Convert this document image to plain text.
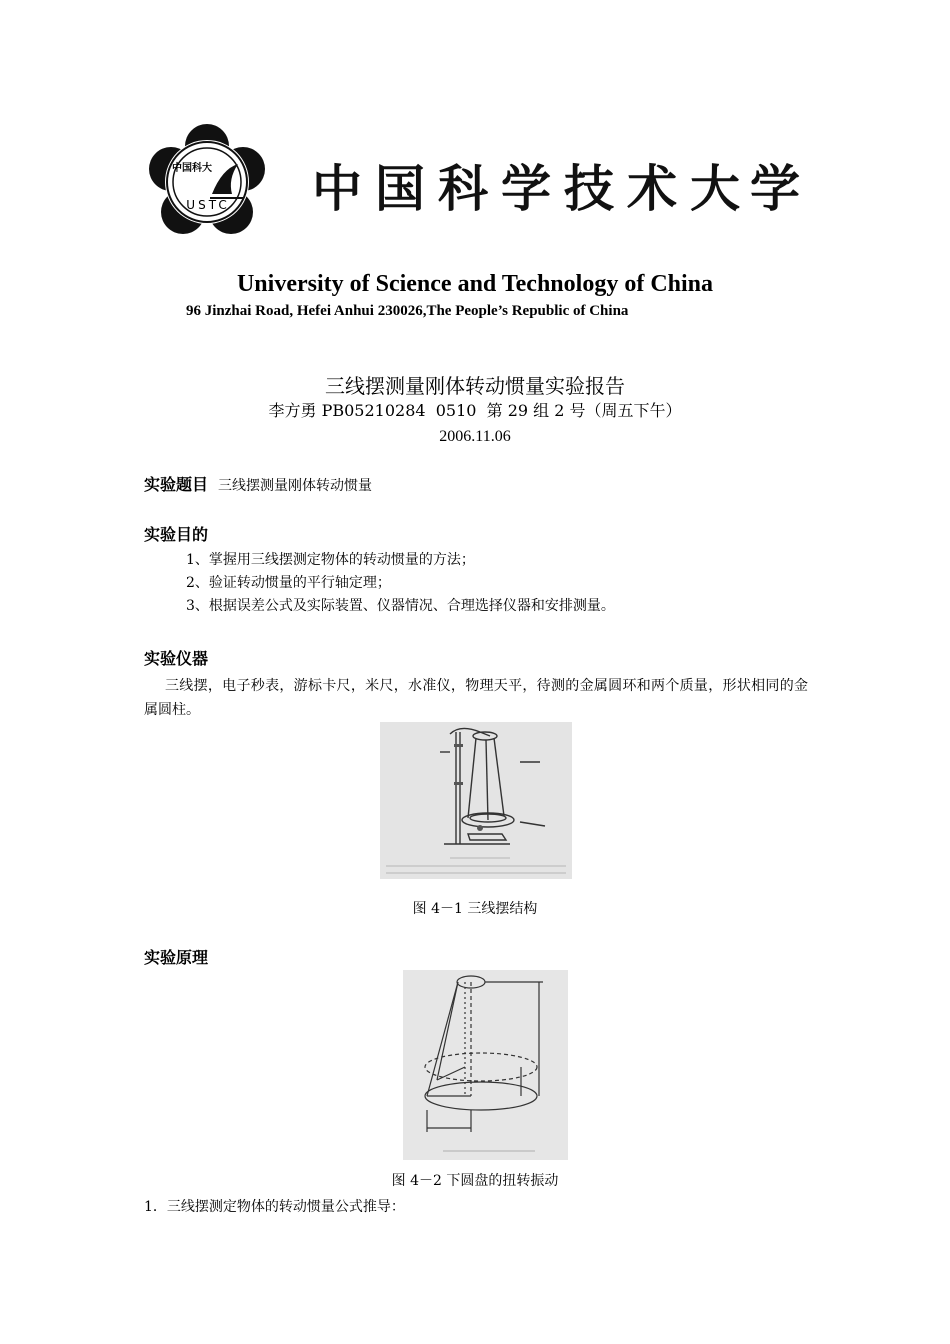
中国科大
USTC 中 国 科 学 技 术 大 学
University of Science and Technology of China
96 Jinzhai Road, Hefei Anhui 230026,The People’s Republic of China
三线摆测量刚体转动惯量实验报告
李方勇 PB05210284  0510  第 29 组 2 号（周五下午）
2006.11.06
实验题目 三线摆测量刚体转动惯量
实验目的
1、掌握用三线摆测定物体的转动惯量的方法；
2、验证转动惯量的平行轴定理；
3、根据误差公式及实际装置、仪器情况、合理选择仪器和安排测量。
实验仪器
三线摆，电子秒表，游标卡尺，米尺，水准仪，物理天平，待测的金属圆环和两个质量，形状相同的金属圆柱。
图 4－1 三线摆结构
实验原理
图 4－2 下圆盘的扭转振动
1．三线摆测定物体的转动惯量公式推导：
